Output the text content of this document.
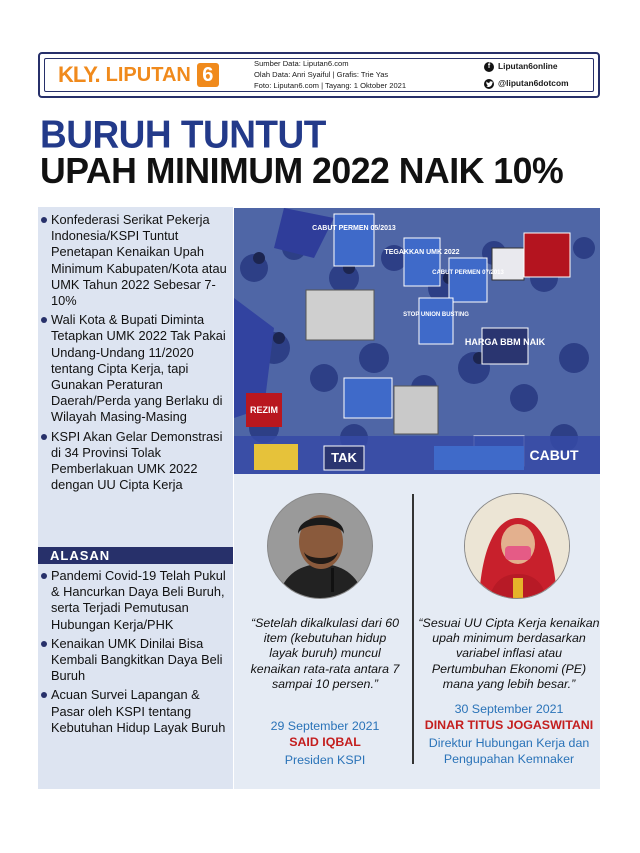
KLY. LIPUTAN 6	Sumber Data: Liputan6.com
Olah Data: Anri Syaiful | Grafis: Trie Yas
Foto: Liputan6.com | Tayang: 1 Oktober 2021
f Liputan6online
@liputan6dotcom
BURUH TUNTUT
UPAH MINIMUM 2022 NAIK 10%
Konfederasi Serikat Pekerja Indonesia/KSPI Tuntut Penetapan Kenaikan Upah Minimum Kabupaten/Kota atau UMK Tahun 2022 Sebesar 7-10%
Wali Kota & Bupati Diminta Tetapkan UMK 2022 Tak Pakai Undang-Undang 11/2020 tentang Cipta Kerja, tapi Gunakan Peraturan Daerah/Perda yang Berlaku di Wilayah Masing-Masing
KSPI Akan Gelar Demonstrasi di 34 Provinsi Tolak Pemberlakuan UMK 2022 dengan UU Cipta Kerja
ALASAN
Pandemi Covid-19 Telah Pukul & Hancurkan Daya Beli Buruh, serta Terjadi Pemutusan Hubungan Kerja/PHK
Kenaikan UMK Dinilai Bisa Kembali Bangkitkan Daya Beli Buruh
Acuan Survei Lapangan & Pasar oleh KSPI tentang Kebutuhan Hidup Layak Buruh
CABUT PERMEN 05/2013
TEGAKKAN UMK 2022
HARGA BBM NAIK
STOP UNION BUSTING
CABUT
REZIM
TAK
CABUT PERMEN 07/2013
“Setelah dikalkulasi dari 60 item (kebutuhan hidup layak buruh) muncul kenaikan rata-rata antara 7 sampai 10 persen.”
29 September 2021
SAID IQBAL
Presiden KSPI
“Sesuai UU Cipta Kerja kenaikan upah minimum berdasarkan variabel inflasi atau Pertumbuhan Ekonomi (PE) mana yang lebih besar.”
30 September 2021
DINAR TITUS JOGASWITANI
Direktur Hubungan Kerja dan Pengupahan Kemnaker
